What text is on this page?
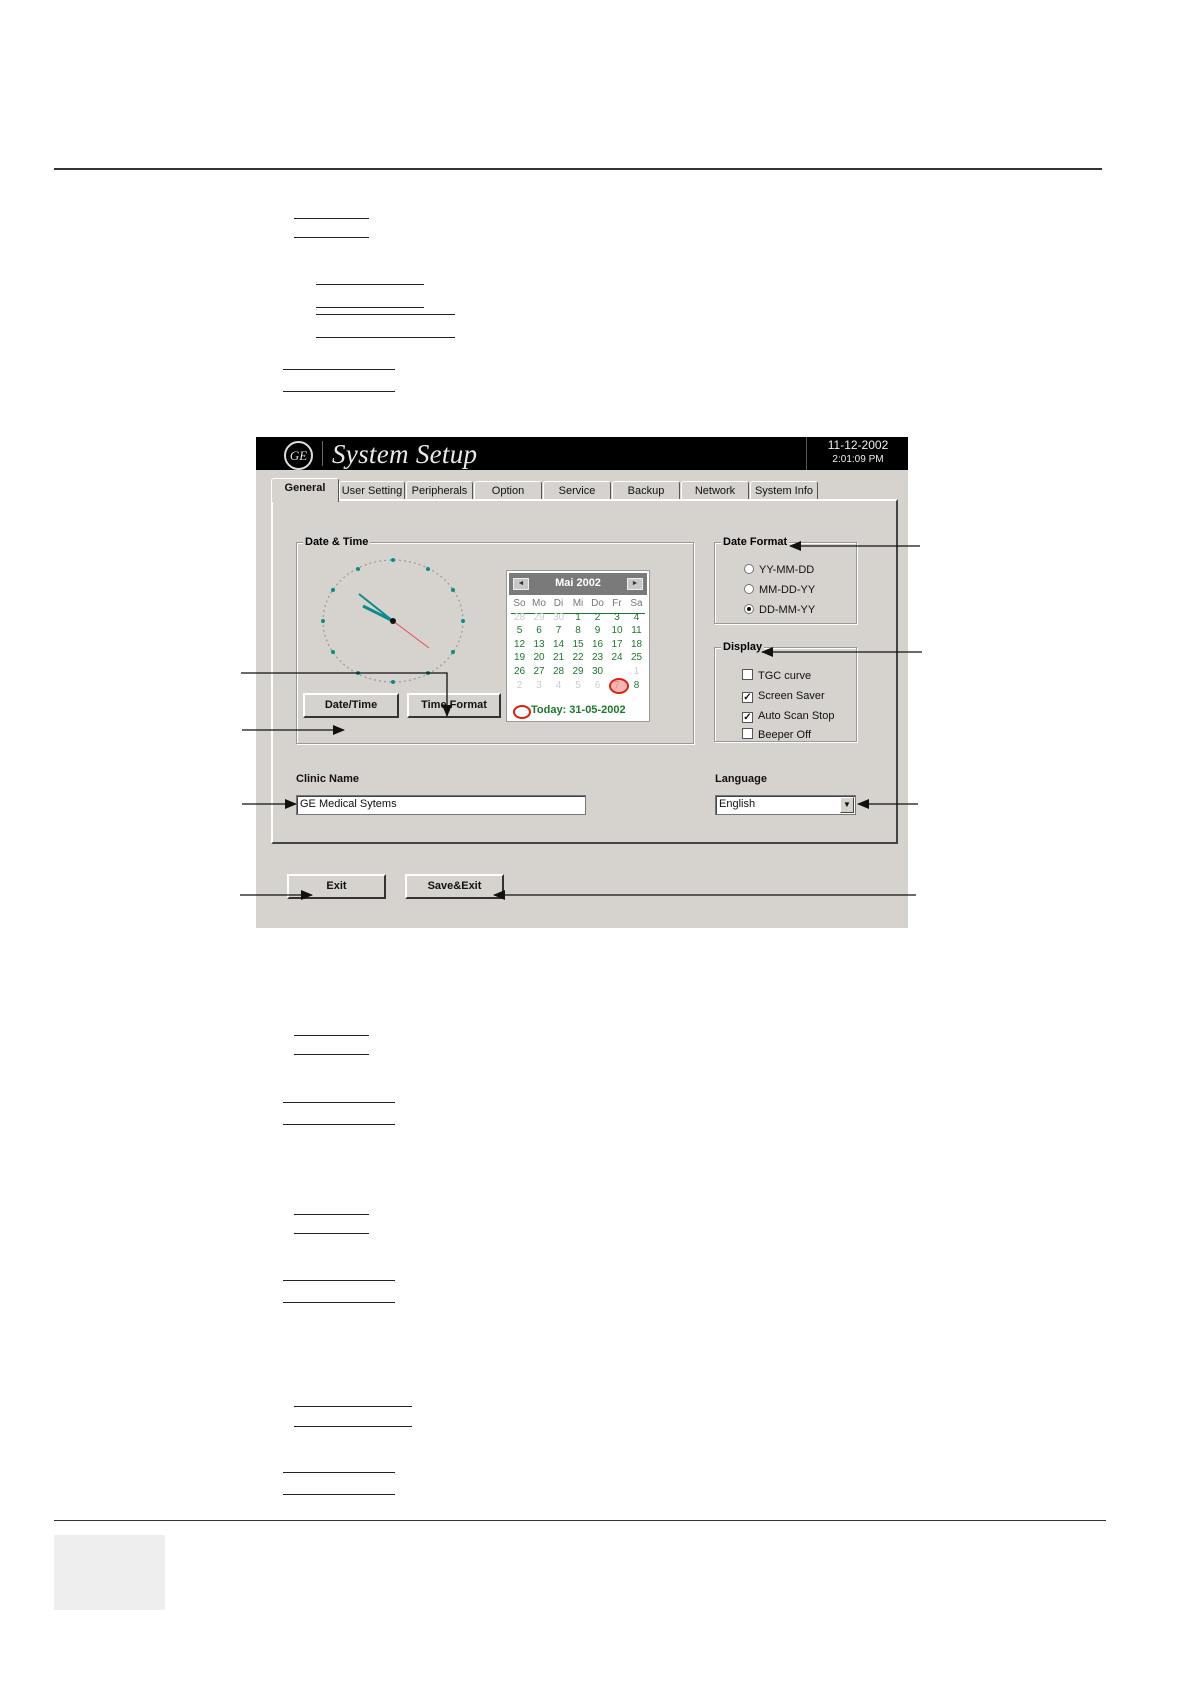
GE System Setup	11-12-2002
2:01:09 PM
General	User Setting Peripherals	Option	Service	Backup	Network	System Info
Date & Time
◄	Mai 2002	►
So Mo Di Mi Do Fr Sa
28 29 30	1	2	3	4
5	6	7	8	9	10 11
12 13 14 15 16 17 18
19 20 21 22 23 24 25
26 27 28 29 30 31	1
2	3	4	5	6	7	8
Today: 31-05-2002
Date/Time	Time Format
Date Format
YY-MM-DD
MM-DD-YY
DD-MM-YY
Display
TGC curve
✓ Screen Saver
✓ Auto Scan Stop
Beeper Off
Clinic Name
GE Medical Sytems
Language
English	▼
Exit	Save&Exit
